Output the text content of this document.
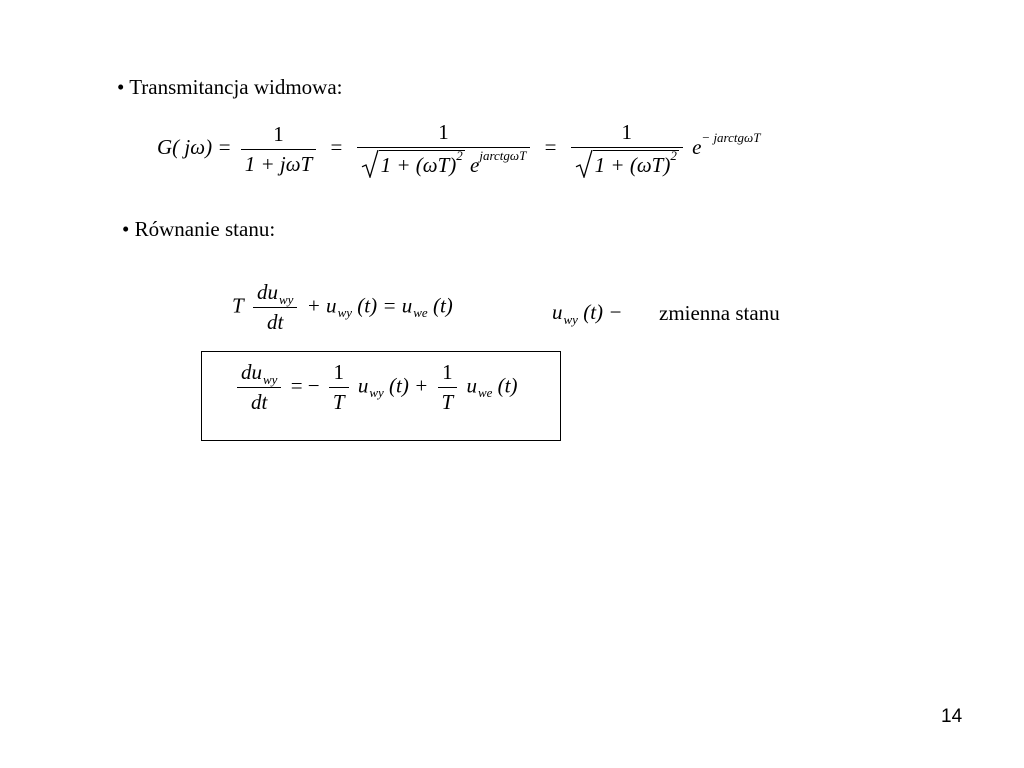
• Transmitancja widmowa:
G( $j\omega) = \frac{1}{\text{1 + jωT}} = \frac{1}{1 + (\omega T)^2 e^{jarctg\omega T}} = \frac{1}{1 + (\omega T)^2} e^{- jarctg\omega T}$
• Równanie stanu:
T $\frac{du_{wy}}{dt} + u_{wy}$ $(t) = u_{we}$ (t)	$u_{wy}$ (t) − zmienna stanu
$\frac{du_{wy}}{dt}$ = − $\frac{1}{T} u_{wy}$ $(t) + \frac{1}{T} u_{we}$ (t)
14
